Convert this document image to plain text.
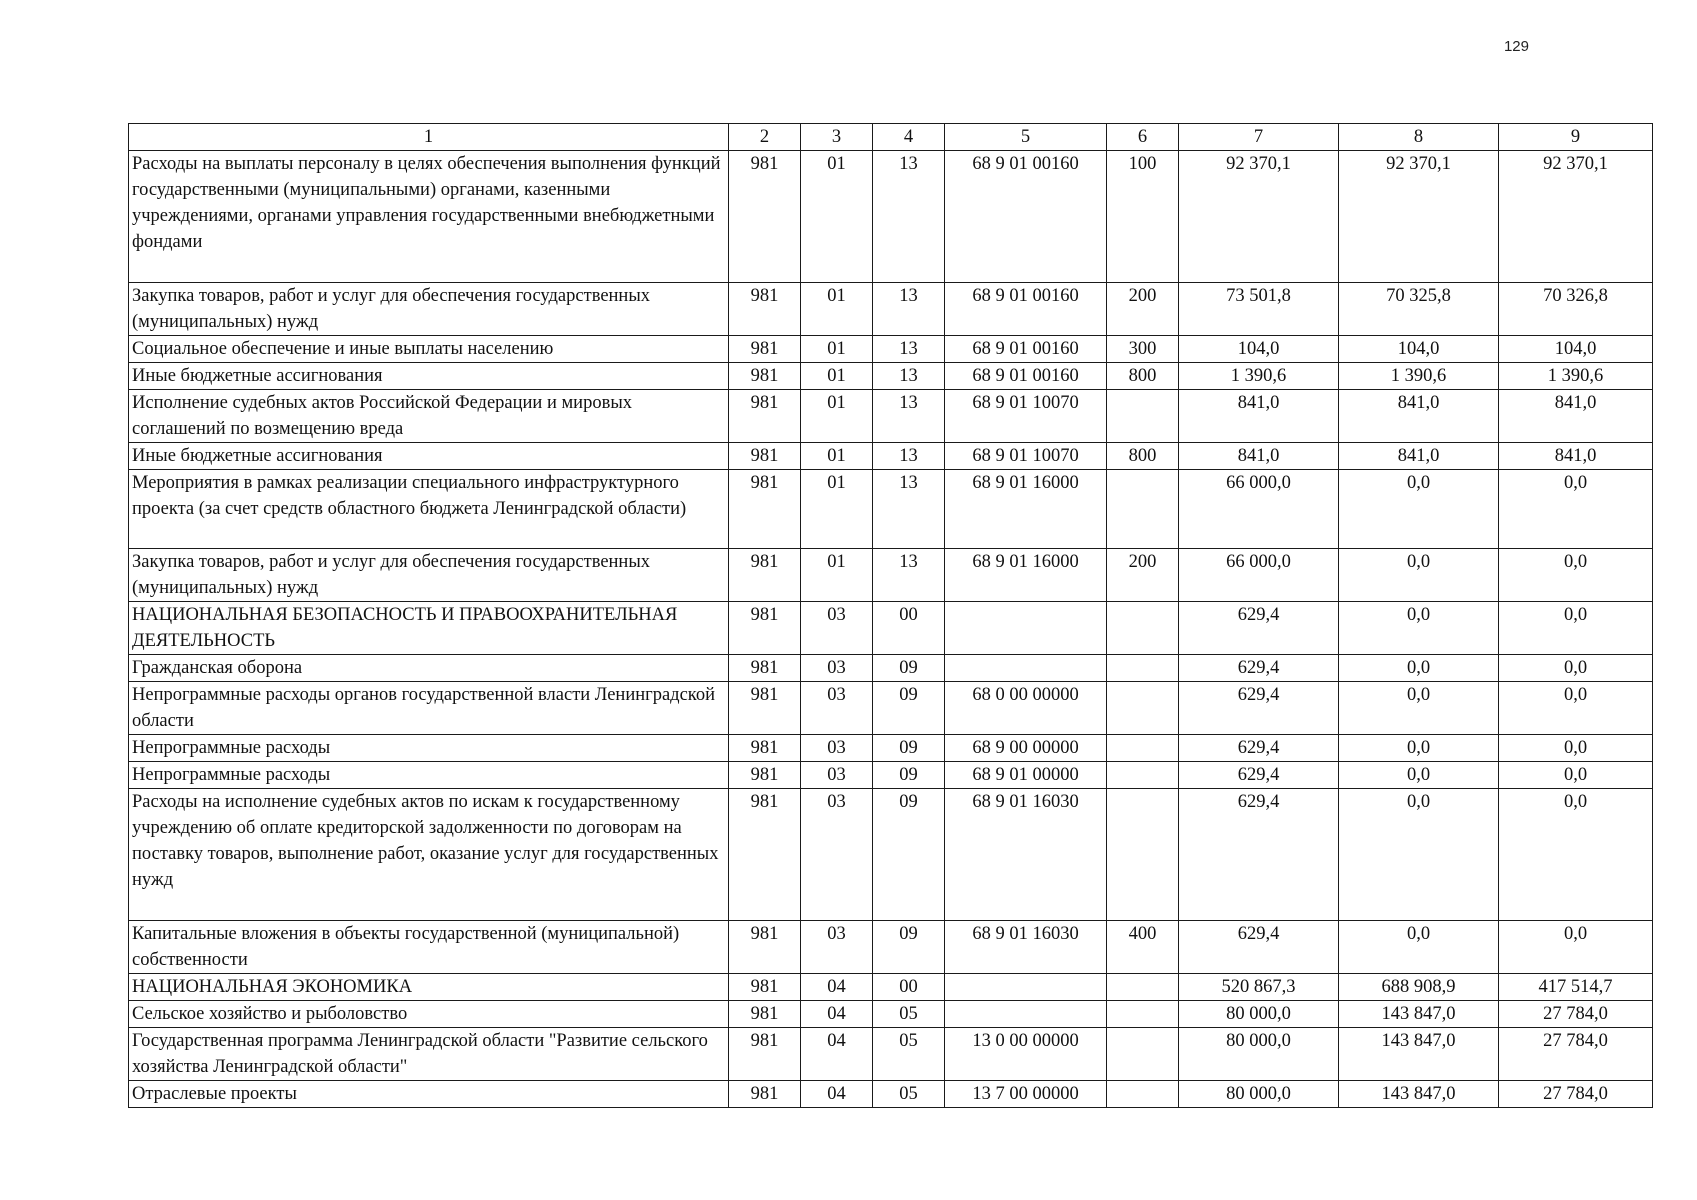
129
1	2	3	4	5	6	7	8	9
Расходы на выплаты персоналу в целях обеспечения выполнения функций государственными (муниципальными) органами, казенными учреждениями, органами управления государственными внебюджетными фондами	981	01	13	68 9 01 00160	100	92 370,1	92 370,1	92 370,1
Закупка товаров, работ и услуг для обеспечения государственных (муниципальных) нужд	981	01	13	68 9 01 00160	200	73 501,8	70 325,8	70 326,8
Социальное обеспечение и иные выплаты населению	981	01	13	68 9 01 00160	300	104,0	104,0	104,0
Иные бюджетные ассигнования	981	01	13	68 9 01 00160	800	1 390,6	1 390,6	1 390,6
Исполнение судебных актов Российской Федерации и мировых соглашений по возмещению вреда	981	01	13	68 9 01 10070		841,0	841,0	841,0
Иные бюджетные ассигнования	981	01	13	68 9 01 10070	800	841,0	841,0	841,0
Мероприятия в рамках реализации специального инфраструктурного проекта (за счет средств областного бюджета Ленинградской области)	981	01	13	68 9 01 16000		66 000,0	0,0	0,0
Закупка товаров, работ и услуг для обеспечения государственных (муниципальных) нужд	981	01	13	68 9 01 16000	200	66 000,0	0,0	0,0
НАЦИОНАЛЬНАЯ БЕЗОПАСНОСТЬ И ПРАВООХРАНИТЕЛЬНАЯ ДЕЯТЕЛЬНОСТЬ	981	03	00			629,4	0,0	0,0
Гражданская оборона	981	03	09			629,4	0,0	0,0
Непрограммные расходы органов государственной власти Ленинградской области	981	03	09	68 0 00 00000		629,4	0,0	0,0
Непрограммные расходы	981	03	09	68 9 00 00000		629,4	0,0	0,0
Непрограммные расходы	981	03	09	68 9 01 00000		629,4	0,0	0,0
Расходы на исполнение судебных актов по искам к государственному учреждению об оплате кредиторской задолженности по договорам на поставку товаров, выполнение работ, оказание услуг для государственных нужд	981	03	09	68 9 01 16030		629,4	0,0	0,0
Капитальные вложения в объекты государственной (муниципальной) собственности	981	03	09	68 9 01 16030	400	629,4	0,0	0,0
НАЦИОНАЛЬНАЯ ЭКОНОМИКА	981	04	00			520 867,3	688 908,9	417 514,7
Сельское хозяйство и рыболовство	981	04	05			80 000,0	143 847,0	27 784,0
Государственная программа Ленинградской области "Развитие сельского хозяйства Ленинградской области"	981	04	05	13 0 00 00000		80 000,0	143 847,0	27 784,0
Отраслевые проекты	981	04	05	13 7 00 00000		80 000,0	143 847,0	27 784,0
